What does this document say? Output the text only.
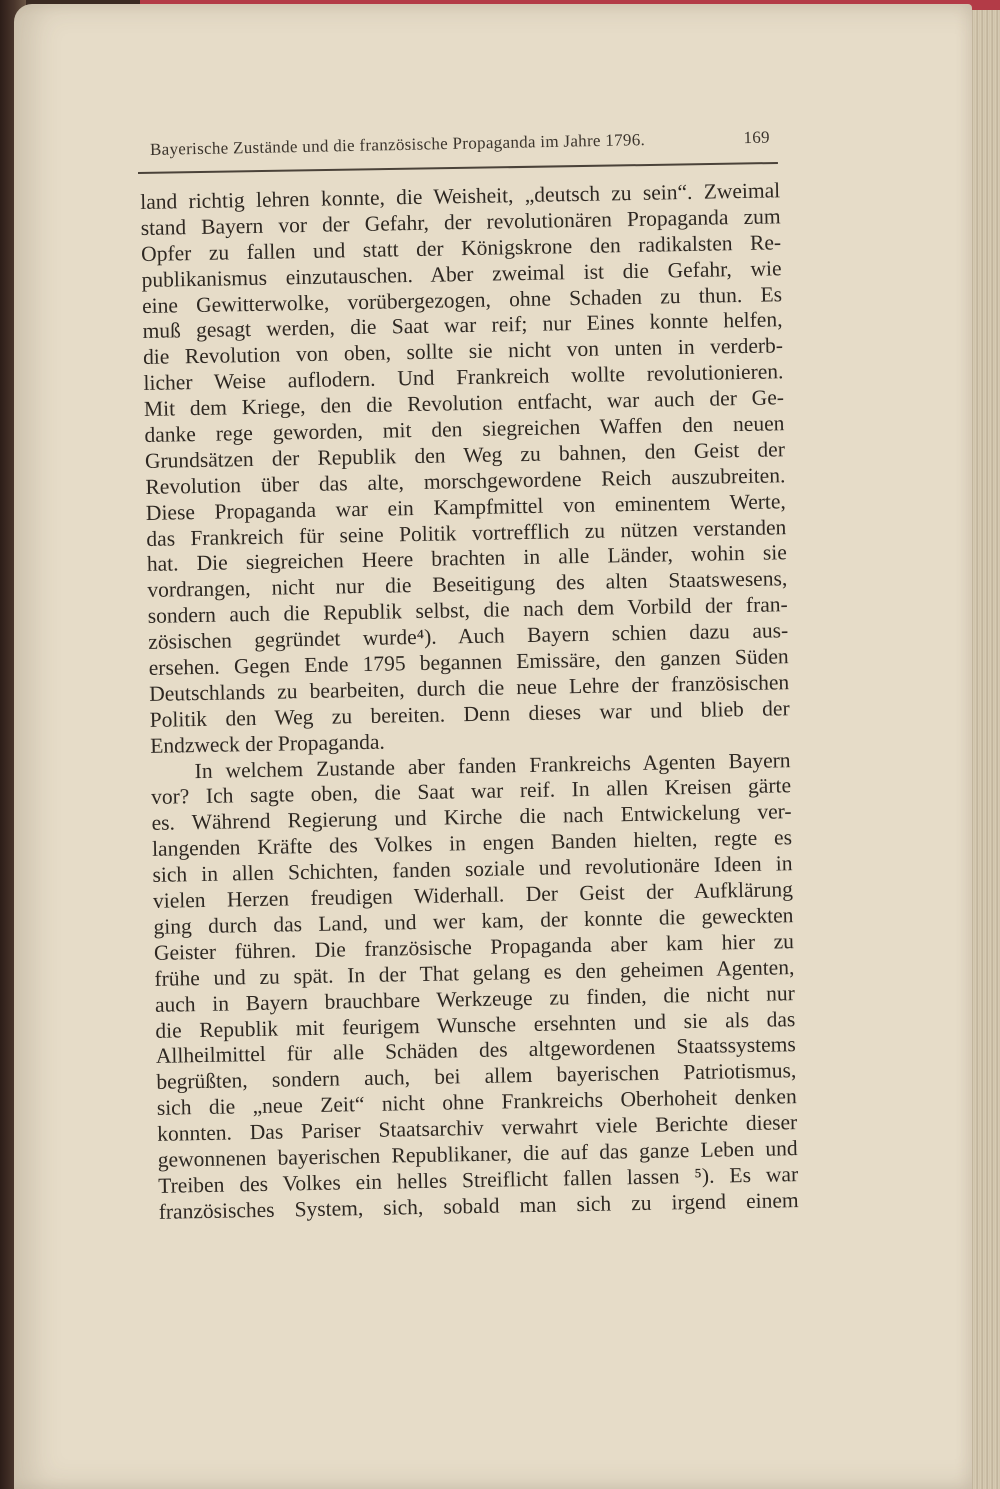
Bayerische Zustände und die französische Propaganda im Jahre 1796.	169
land richtig lehren konnte, die Weisheit, „deutsch zu sein“. Zweimal
stand Bayern vor der Gefahr, der revolutionären Propaganda zum
Opfer zu fallen und statt der Königskrone den radikalsten Re-
publikanismus einzutauschen. Aber zweimal ist die Gefahr, wie
eine Gewitterwolke, vorübergezogen, ohne Schaden zu thun. Es
muß gesagt werden, die Saat war reif; nur Eines konnte helfen,
die Revolution von oben, sollte sie nicht von unten in verderb-
licher Weise auflodern. Und Frankreich wollte revolutionieren.
Mit dem Kriege, den die Revolution entfacht, war auch der Ge-
danke rege geworden, mit den siegreichen Waffen den neuen
Grundsätzen der Republik den Weg zu bahnen, den Geist der
Revolution über das alte, morschgewordene Reich auszubreiten.
Diese Propaganda war ein Kampfmittel von eminentem Werte,
das Frankreich für seine Politik vortrefflich zu nützen verstanden
hat. Die siegreichen Heere brachten in alle Länder, wohin sie
vordrangen, nicht nur die Beseitigung des alten Staatswesens,
sondern auch die Republik selbst, die nach dem Vorbild der fran-
zösischen gegründet wurde⁴). Auch Bayern schien dazu aus-
ersehen. Gegen Ende 1795 begannen Emissäre, den ganzen Süden
Deutschlands zu bearbeiten, durch die neue Lehre der französischen
Politik den Weg zu bereiten. Denn dieses war und blieb der
Endzweck der Propaganda.
In welchem Zustande aber fanden Frankreichs Agenten Bayern
vor? Ich sagte oben, die Saat war reif. In allen Kreisen gärte
es. Während Regierung und Kirche die nach Entwickelung ver-
langenden Kräfte des Volkes in engen Banden hielten, regte es
sich in allen Schichten, fanden soziale und revolutionäre Ideen in
vielen Herzen freudigen Widerhall. Der Geist der Aufklärung
ging durch das Land, und wer kam, der konnte die geweckten
Geister führen. Die französische Propaganda aber kam hier zu
frühe und zu spät. In der That gelang es den geheimen Agenten,
auch in Bayern brauchbare Werkzeuge zu finden, die nicht nur
die Republik mit feurigem Wunsche ersehnten und sie als das
Allheilmittel für alle Schäden des altgewordenen Staatssystems
begrüßten, sondern auch, bei allem bayerischen Patriotismus,
sich die „neue Zeit“ nicht ohne Frankreichs Oberhoheit denken
konnten. Das Pariser Staatsarchiv verwahrt viele Berichte dieser
gewonnenen bayerischen Republikaner, die auf das ganze Leben und
Treiben des Volkes ein helles Streiflicht fallen lassen ⁵). Es war
französisches System, sich, sobald man sich zu irgend einem
